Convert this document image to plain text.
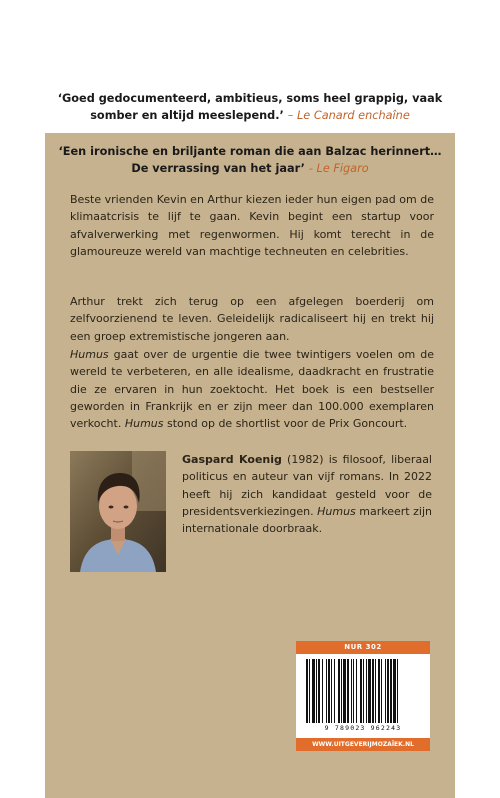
‘Goed gedocumenteerd, ambitieus, soms heel grappig, vaak
somber en altijd meeslepend.’ – Le Canard enchaîne
‘Een ironische en briljante roman die aan Balzac herinnert…
De verrassing van het jaar’ - Le Figaro

Beste vrienden Kevin en Arthur kiezen ieder hun eigen pad om de klimaatcrisis te lijf te gaan. Kevin begint een startup voor afvalverwerking met regenwormen. Hij komt terecht in de glamoureuze wereld van machtige techneuten en celebrities.

Arthur trekt zich terug op een afgelegen boerderij om zelfvoorzienend te leven. Geleidelijk radicaliseert hij en trekt hij een groep extremistische jongeren aan.

Humus gaat over de urgentie die twee twintigers voelen om de wereld te verbeteren, en alle idealisme, daadkracht en frustratie die ze ervaren in hun zoektocht. Het boek is een bestseller geworden in Frankrijk en er zijn meer dan 100.000 exemplaren verkocht. Humus stond op de shortlist voor de Prix Goncourt.

Gaspard Koenig (1982) is filosoof, liberaal politicus en auteur van vijf romans. In 2022 heeft hij zich kandidaat gesteld voor de presidentsverkiezingen. Humus markeert zijn internationale doorbraak.

NUR 302
9 789023 962243
WWW.UITGEVERIJMOZAÏEK.NL
